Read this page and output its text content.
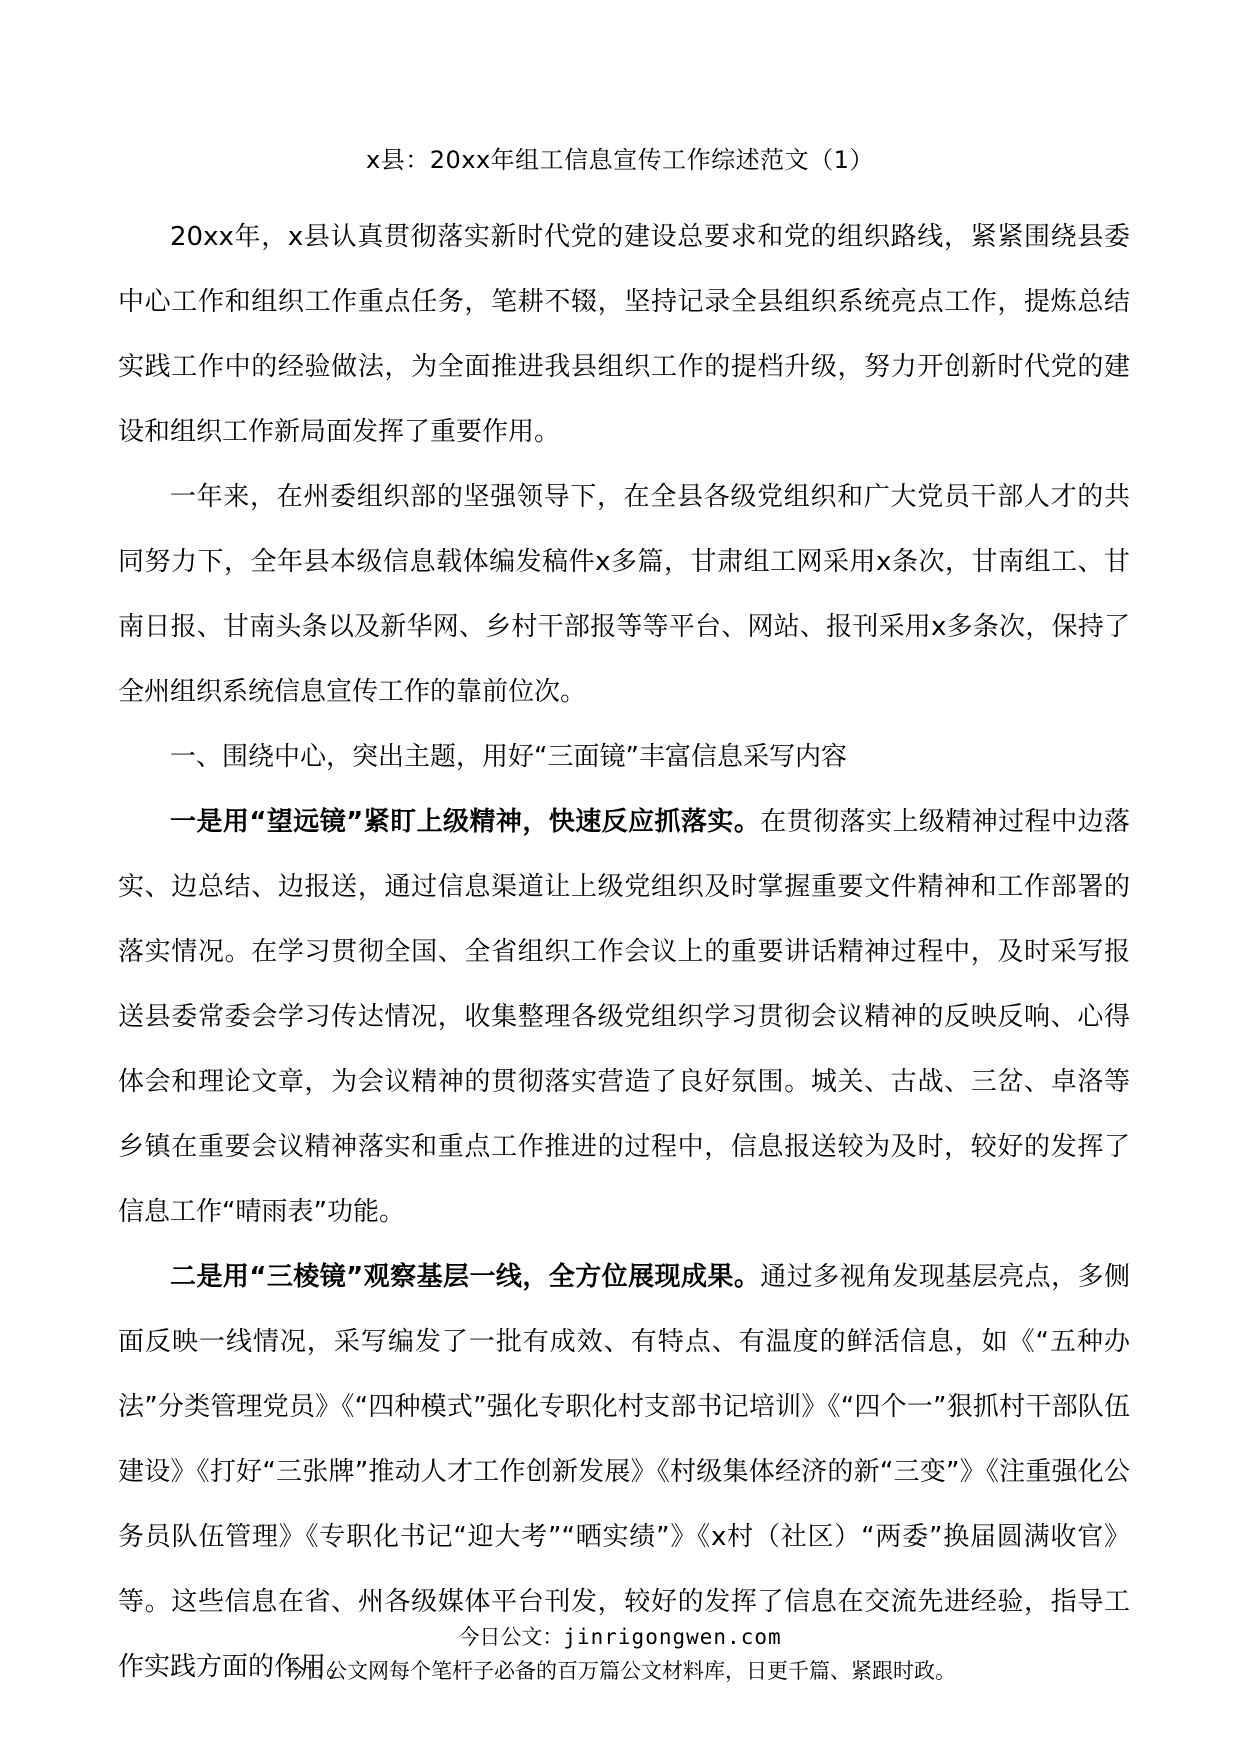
x县：20xx年组工信息宣传工作综述范文（1）

20xx年，x县认真贯彻落实新时代党的建设总要求和党的组织路线，紧紧围绕县委中心工作和组织工作重点任务，笔耕不辍，坚持记录全县组织系统亮点工作，提炼总结实践工作中的经验做法，为全面推进我县组织工作的提档升级，努力开创新时代党的建设和组织工作新局面发挥了重要作用。

一年来，在州委组织部的坚强领导下，在全县各级党组织和广大党员干部人才的共同努力下，全年县本级信息载体编发稿件x多篇，甘肃组工网采用x条次，甘南组工、甘南日报、甘南头条以及新华网、乡村干部报等等平台、网站、报刊采用x多条次，保持了全州组织系统信息宣传工作的靠前位次。

一、围绕中心，突出主题，用好“三面镜”丰富信息采写内容

一是用“望远镜”紧盯上级精神，快速反应抓落实。在贯彻落实上级精神过程中边落实、边总结、边报送，通过信息渠道让上级党组织及时掌握重要文件精神和工作部署的落实情况。在学习贯彻全国、全省组织工作会议上的重要讲话精神过程中，及时采写报送县委常委会学习传达情况，收集整理各级党组织学习贯彻会议精神的反映反响、心得体会和理论文章，为会议精神的贯彻落实营造了良好氛围。城关、古战、三岔、卓洛等乡镇在重要会议精神落实和重点工作推进的过程中，信息报送较为及时，较好的发挥了信息工作“晴雨表”功能。

二是用“三棱镜”观察基层一线，全方位展现成果。通过多视角发现基层亮点，多侧面反映一线情况，采写编发了一批有成效、有特点、有温度的鲜活信息，如《“五种办法”分类管理党员》《“四种模式”强化专职化村支部书记培训》《“四个一”狠抓村干部队伍建设》《打好“三张牌”推动人才工作创新发展》《村级集体经济的新“三变”》《注重强化公务员队伍管理》《专职化书记“迎大考”“晒实绩”》《x村（社区）“两委”换届圆满收官》等。这些信息在省、州各级媒体平台刊发，较好的发挥了信息在交流先进经验，指导工作实践方面的作用。

今日公文：jinrigongwen.com
今日公文网每个笔杆子必备的百万篇公文材料库，日更千篇、紧跟时政。
